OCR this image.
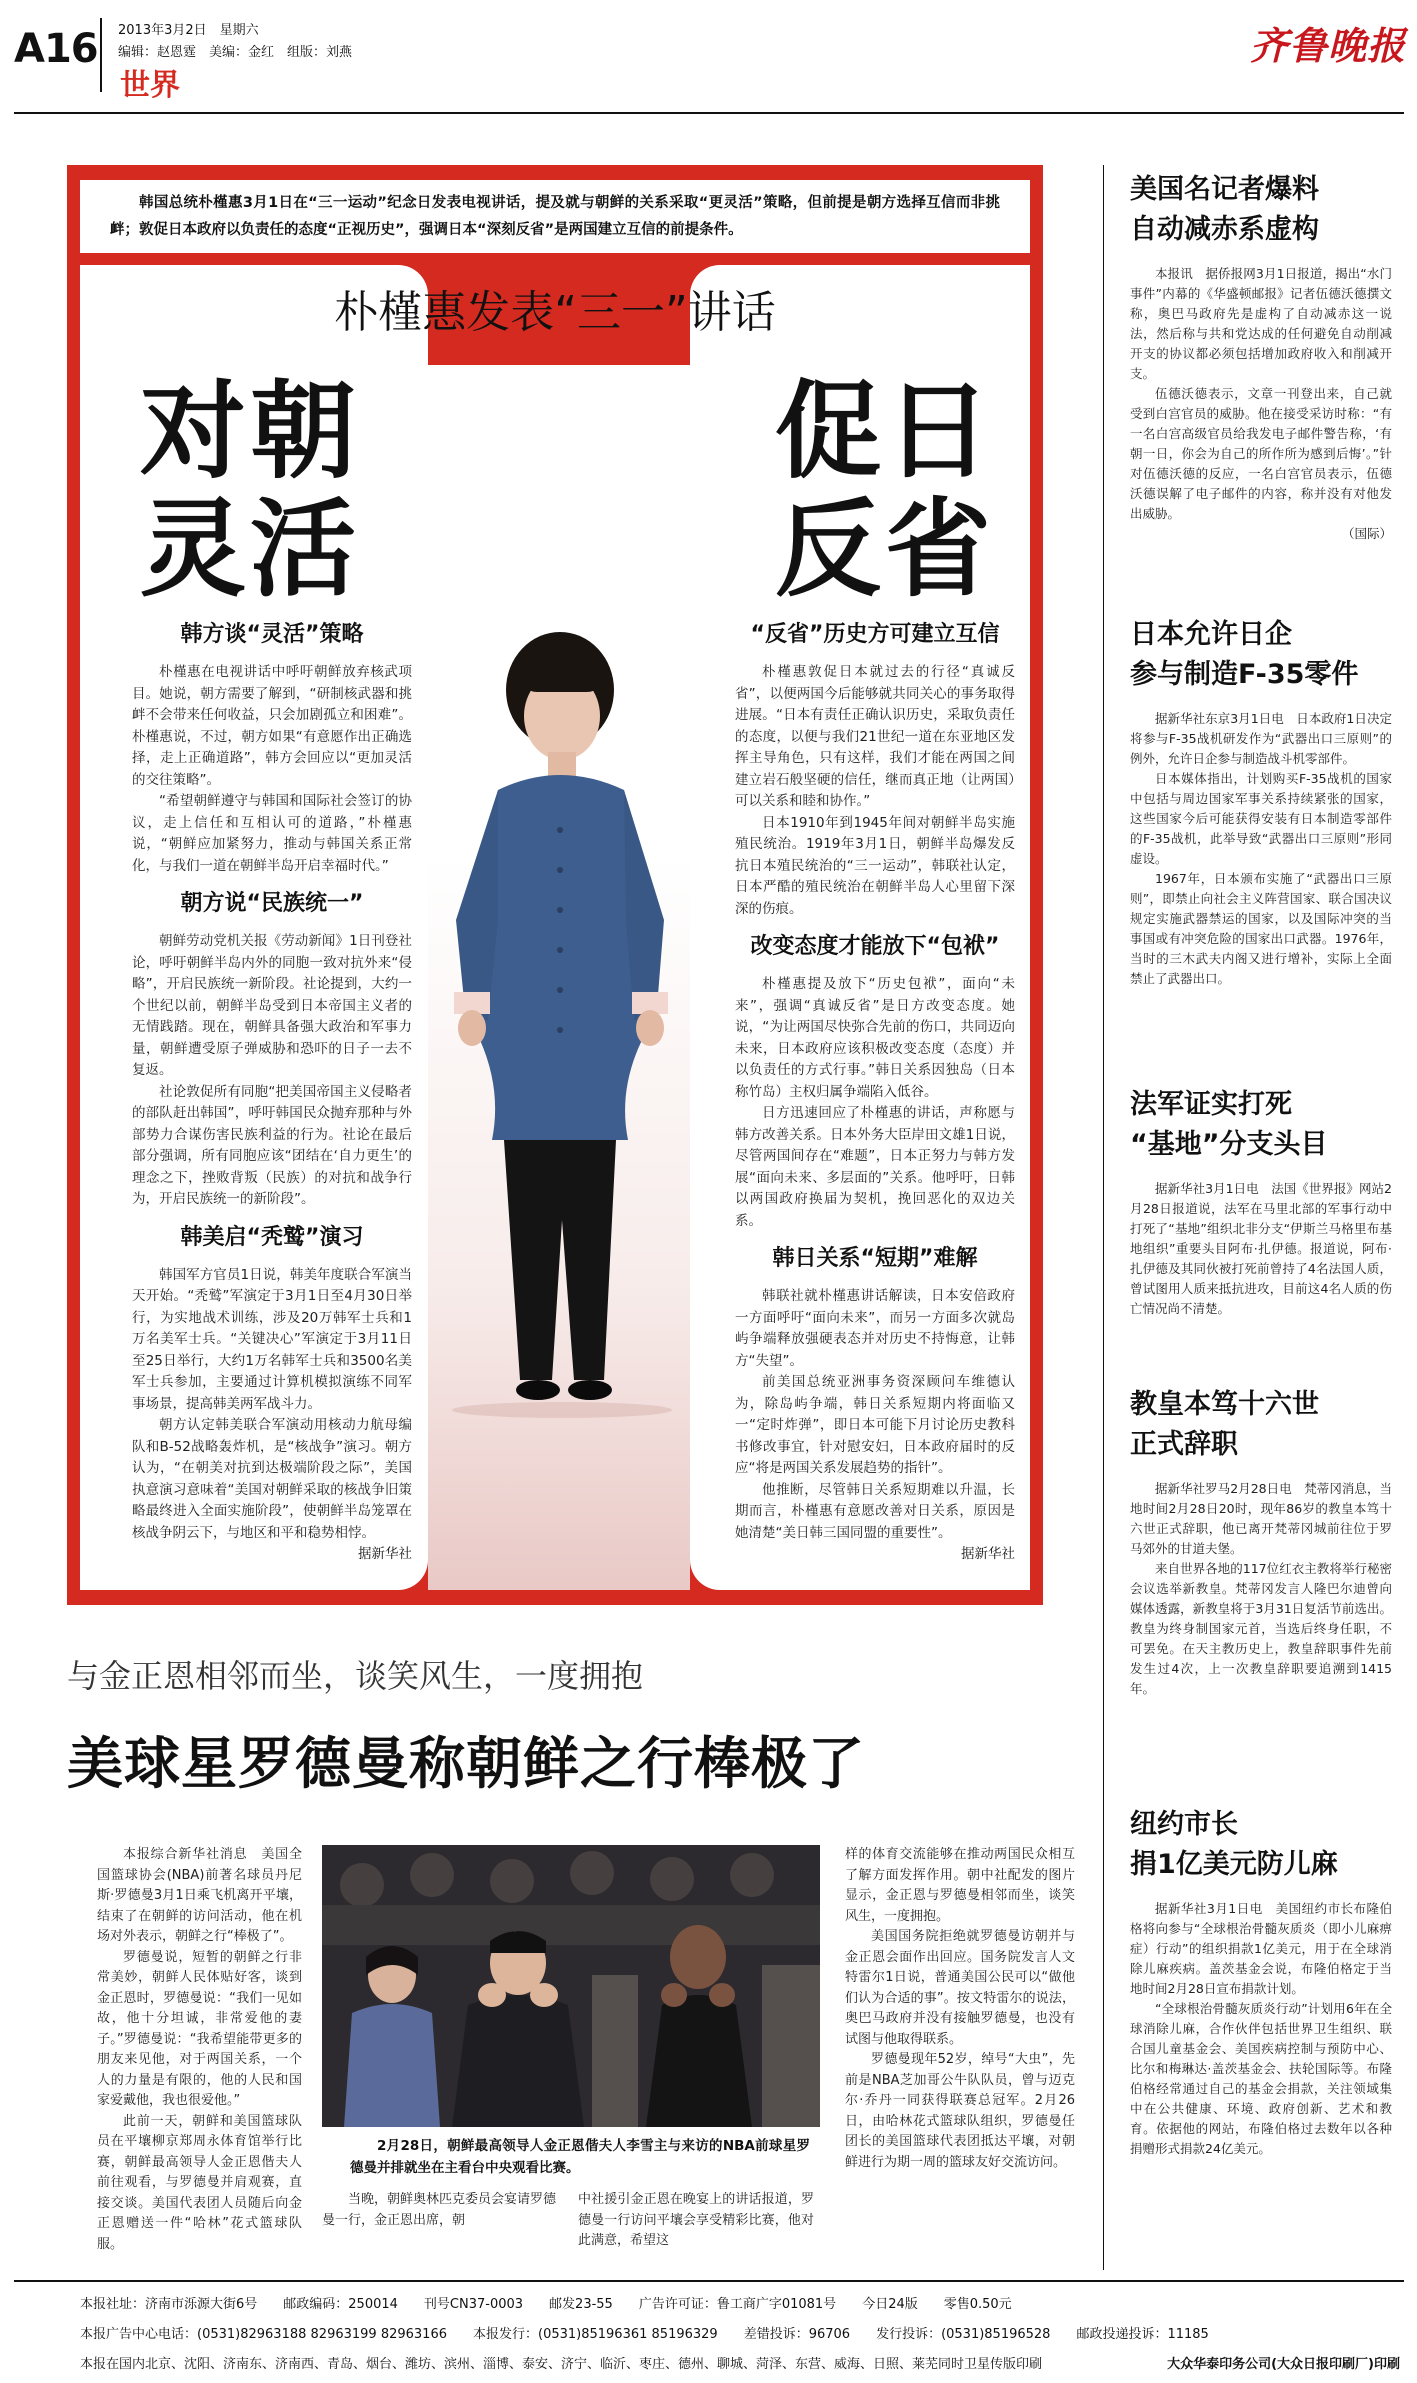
A16 2013年3月2日　 星期六
编辑：赵恩霆　美编：金红　组版：刘燕
世界
齐鲁晚报
韩国总统朴槿惠3月1日在“三一运动”纪念日发表电视讲话，提及就与朝鲜的关系采取“更灵活”策略，但前提是朝方选择互信而非挑衅；敦促日本政府以负责任的态度“正视历史”，强调日本“深刻反省”是两国建立互信的前提条件。
朴槿惠发表“三一”讲话
对朝
灵活
促日
反省
韩方谈“灵活”策略

朴槿惠在电视讲话中呼吁朝鲜放弃核武项目。她说，朝方需要了解到，“研制核武器和挑衅不会带来任何收益，只会加剧孤立和困难”。朴槿惠说，不过，朝方如果“有意愿作出正确选择，走上正确道路”，韩方会回应以“更加灵活的交往策略”。

“希望朝鲜遵守与韩国和国际社会签订的协议，走上信任和互相认可的道路，”朴槿惠说，“朝鲜应加紧努力，推动与韩国关系正常化，与我们一道在朝鲜半岛开启幸福时代。”

朝方说“民族统一”

朝鲜劳动党机关报《劳动新闻》1日刊登社论，呼吁朝鲜半岛内外的同胞一致对抗外来“侵略”，开启民族统一新阶段。社论提到，大约一个世纪以前，朝鲜半岛受到日本帝国主义者的无情践踏。现在，朝鲜具备强大政治和军事力量，朝鲜遭受原子弹威胁和恐吓的日子一去不复返。

社论敦促所有同胞“把美国帝国主义侵略者的部队赶出韩国”，呼吁韩国民众抛弃那种与外部势力合谋伤害民族利益的行为。社论在最后部分强调，所有同胞应该“团结在‘自力更生’的理念之下，挫败背叛（民族）的对抗和战争行为，开启民族统一的新阶段”。

韩美启“秃鹫”演习

韩国军方官员1日说，韩美年度联合军演当天开始。“秃鹫”军演定于3月1日至4月30日举行，为实地战术训练，涉及20万韩军士兵和1万名美军士兵。“关键决心”军演定于3月11日至25日举行，大约1万名韩军士兵和3500名美军士兵参加，主要通过计算机模拟演练不同军事场景，提高韩美两军战斗力。

朝方认定韩美联合军演动用核动力航母编队和B-52战略轰炸机，是“核战争”演习。朝方认为，“在朝美对抗到达极端阶段之际”，美国执意演习意味着“美国对朝鲜采取的核战争旧策略最终进入全面实施阶段”，使朝鲜半岛笼罩在核战争阴云下，与地区和平和稳势相悖。

据新华社
“反省”历史方可建立互信

朴槿惠敦促日本就过去的行径“真诚反省”，以便两国今后能够就共同关心的事务取得进展。“日本有责任正确认识历史，采取负责任的态度，以便与我们21世纪一道在东亚地区发挥主导角色，只有这样，我们才能在两国之间建立岩石般坚硬的信任，继而真正地（让两国）可以关系和睦和协作。”

日本1910年到1945年间对朝鲜半岛实施殖民统治。1919年3月1日，朝鲜半岛爆发反抗日本殖民统治的“三一运动”，韩联社认定，日本严酷的殖民统治在朝鲜半岛人心里留下深深的伤痕。

改变态度才能放下“包袱”

朴槿惠提及放下“历史包袱”，面向“未来”，强调“真诚反省”是日方改变态度。她说，“为让两国尽快弥合先前的伤口，共同迈向未来，日本政府应该积极改变态度（态度）并以负责任的方式行事。”韩日关系因独岛（日本称竹岛）主权归属争端陷入低谷。

日方迅速回应了朴槿惠的讲话，声称愿与韩方改善关系。日本外务大臣岸田文雄1日说，尽管两国间存在“难题”，日本正努力与韩方发展“面向未来、多层面的”关系。他呼吁，日韩以两国政府换届为契机，挽回恶化的双边关系。

韩日关系“短期”难解

韩联社就朴槿惠讲话解读，日本安倍政府一方面呼吁“面向未来”，而另一方面多次就岛屿争端释放强硬表态并对历史不持悔意，让韩方“失望”。

前美国总统亚洲事务资深顾问车维德认为，除岛屿争端，韩日关系短期内将面临又一“定时炸弹”，即日本可能下月讨论历史教科书修改事宜，针对慰安妇，日本政府届时的反应“将是两国关系发展趋势的指针”。

他推断，尽管韩日关系短期难以升温，长期而言，朴槿惠有意愿改善对日关系，原因是她清楚“美日韩三国同盟的重要性”。

据新华社
与金正恩相邻而坐，谈笑风生，一度拥抱
美球星罗德曼称朝鲜之行棒极了

本报综合新华社消息　美国全国篮球协会(NBA)前著名球员丹尼斯·罗德曼3月1日乘飞机离开平壤，结束了在朝鲜的访问活动，他在机场对外表示，朝鲜之行“棒极了”。

罗德曼说，短暂的朝鲜之行非常美妙，朝鲜人民体贴好客，谈到金正恩时，罗德曼说：“我们一见如故，他十分坦诚，非常爱他的妻子。”罗德曼说：“我希望能带更多的朋友来见他，对于两国关系，一个人的力量是有限的，他的人民和国家爱戴他，我也很爱他。”

此前一天，朝鲜和美国篮球队员在平壤柳京郑周永体育馆举行比赛，朝鲜最高领导人金正恩偕夫人前往观看，与罗德曼并肩观赛，直接交谈。美国代表团人员随后向金正恩赠送一件“哈林”花式篮球队服。

2月28日，朝鲜最高领导人金正恩偕夫人李雪主与来访的NBA前球星罗德曼并排就坐在主看台中央观看比赛。

当晚，朝鲜奥林匹克委员会宴请罗德曼一行，金正恩出席，朝

中社援引金正恩在晚宴上的讲话报道，罗德曼一行访问平壤会享受精彩比赛，他对此满意，希望这

样的体育交流能够在推动两国民众相互了解方面发挥作用。朝中社配发的图片显示，金正恩与罗德曼相邻而坐，谈笑风生，一度拥抱。

美国国务院拒绝就罗德曼访朝并与金正恩会面作出回应。国务院发言人文特雷尔1日说，普通美国公民可以“做他们认为合适的事”。按文特雷尔的说法，奥巴马政府并没有接触罗德曼，也没有试图与他取得联系。

罗德曼现年52岁，绰号“大虫”，先前是NBA芝加哥公牛队队员，曾与迈克尔·乔丹一同获得联赛总冠军。2月26日，由哈林花式篮球队组织，罗德曼任团长的美国篮球代表团抵达平壤，对朝鲜进行为期一周的篮球友好交流访问。

美国名记者爆料
自动减赤系虚构

本报讯　据侨报网3月1日报道，揭出“水门事件”内幕的《华盛顿邮报》记者伍德沃德撰文称，奥巴马政府先是虚构了自动减赤这一说法，然后称与共和党达成的任何避免自动削减开支的协议都必须包括增加政府收入和削减开支。

伍德沃德表示，文章一刊登出来，自己就受到白宫官员的威胁。他在接受采访时称：“有一名白宫高级官员给我发电子邮件警告称，‘有朝一日，你会为自己的所作所为感到后悔’。”针对伍德沃德的反应，一名白宫官员表示，伍德沃德误解了电子邮件的内容，称并没有对他发出威胁。

（国际）
日本允许日企
参与制造F-35零件

据新华社东京3月1日电　日本政府1日决定将参与F-35战机研发作为“武器出口三原则”的例外，允许日企参与制造战斗机零部件。

日本媒体指出，计划购买F-35战机的国家中包括与周边国家军事关系持续紧张的国家，这些国家今后可能获得安装有日本制造零部件的F-35战机，此举导致“武器出口三原则”形同虚设。

1967年，日本颁布实施了“武器出口三原则”，即禁止向社会主义阵营国家、联合国决议规定实施武器禁运的国家，以及国际冲突的当事国或有冲突危险的国家出口武器。1976年，当时的三木武夫内阁又进行增补，实际上全面禁止了武器出口。

法军证实打死
“基地”分支头目

据新华社3月1日电　法国《世界报》网站2月28日报道说，法军在马里北部的军事行动中打死了“基地”组织北非分支“伊斯兰马格里布基地组织”重要头目阿布·扎伊德。报道说，阿布·扎伊德及其同伙被打死前曾持了4名法国人质，曾试图用人质来抵抗进攻，目前这4名人质的伤亡情况尚不清楚。

教皇本笃十六世
正式辞职

据新华社罗马2月28日电　梵蒂冈消息，当地时间2月28日20时，现年86岁的教皇本笃十六世正式辞职，他已离开梵蒂冈城前往位于罗马郊外的甘道夫堡。

来自世界各地的117位红衣主教将举行秘密会议选举新教皇。梵蒂冈发言人隆巴尔迪曾向媒体透露，新教皇将于3月31日复活节前选出。教皇为终身制国家元首，当选后终身任职，不可罢免。在天主教历史上，教皇辞职事件先前发生过4次，上一次教皇辞职要追溯到1415年。

纽约市长
捐1亿美元防儿麻

据新华社3月1日电　美国纽约市长布隆伯格将向参与“全球根治骨髓灰质炎（即小儿麻痹症）行动”的组织捐款1亿美元，用于在全球消除儿麻疾病。盖茨基金会说，布隆伯格定于当地时间2月28日宣布捐款计划。

“全球根治骨髓灰质炎行动”计划用6年在全球消除儿麻，合作伙伴包括世界卫生组织、联合国儿童基金会、美国疾病控制与预防中心、比尔和梅琳达·盖茨基金会、扶轮国际等。布隆伯格经常通过自己的基金会捐款，关注领域集中在公共健康、环境、政府创新、艺术和教育。依据他的网站，布隆伯格过去数年以各种捐赠形式捐款24亿美元。

本报社址：济南市泺源大街6号 邮政编码：250014 刊号CN37-0003 邮发23-55 广告许可证：鲁工商广字01081号 今日24版 零售0.50元
本报广告中心电话：(0531)82963188 82963199 82963166 本报发行：(0531)85196361 85196329 差错投诉：96706 发行投诉：(0531)85196528 邮政投递投诉：11185
本报在国内北京、沈阳、济南东、济南西、青岛、烟台、潍坊、滨州、淄博、泰安、济宁、临沂、枣庄、德州、聊城、菏泽、东营、威海、日照、莱芜同时卫星传版印刷	大众华泰印务公司(大众日报印刷厂)印刷
